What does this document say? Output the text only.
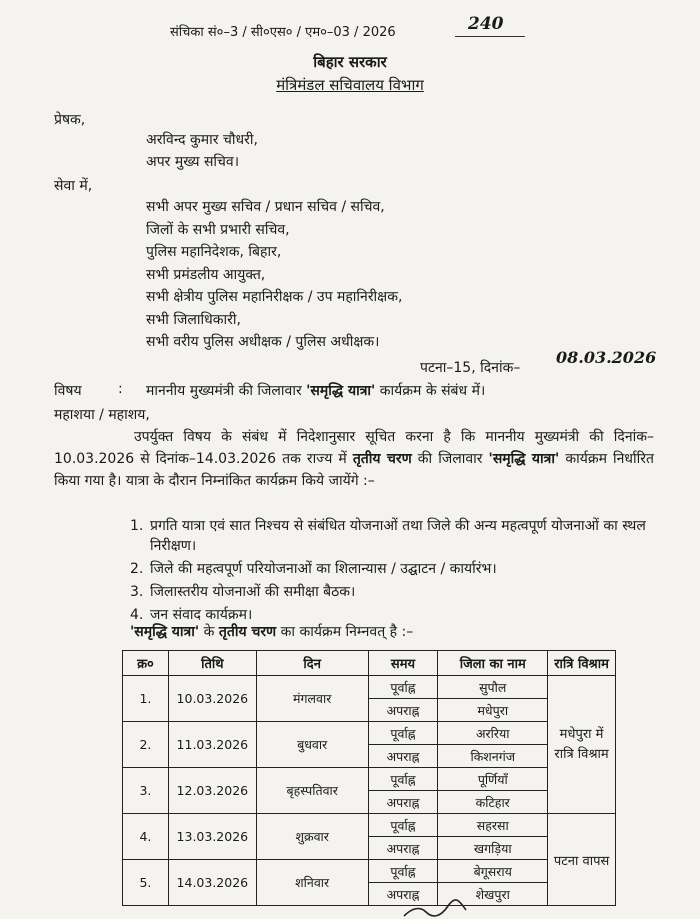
संचिका सं०–3 / सी०एस० / एम०–03 / 2026	240
बिहार सरकार
मंत्रिमंडल सचिवालय विभाग
प्रेषक,
अरविन्द कुमार चौधरी,
अपर मुख्य सचिव।
सेवा में,
सभी अपर मुख्य सचिव / प्रधान सचिव / सचिव,
जिलों के सभी प्रभारी सचिव,
पुलिस महानिदेशक, बिहार,
सभी प्रमंडलीय आयुक्त,
सभी क्षेत्रीय पुलिस महानिरीक्षक / उप महानिरीक्षक,
सभी जिलाधिकारी,
सभी वरीय पुलिस अधीक्षक / पुलिस अधीक्षक।
पटना–15, दिनांक–
08.03.2026
विषय	: माननीय मुख्यमंत्री की जिलावार 'समृद्धि यात्रा' कार्यक्रम के संबंध में।
महाशया / महाशय,
उपर्युक्त विषय के संबंध में निदेशानुसार सूचित करना है कि माननीय मुख्यमंत्री की दिनांक–10.03.2026 से दिनांक–14.03.2026 तक राज्य में तृतीय चरण की जिलावार 'समृद्धि यात्रा' कार्यक्रम निर्धारित किया गया है। यात्रा के दौरान निम्नांकित कार्यक्रम किये जायेंगे :–
1. प्रगति यात्रा एवं सात निश्चय से संबंधित योजनाओं तथा जिले की अन्य महत्वपूर्ण योजनाओं का स्थल निरीक्षण।
2. जिले की महत्वपूर्ण परियोजनाओं का शिलान्यास / उद्घाटन / कार्यारंभ।
3. जिलास्तरीय योजनाओं की समीक्षा बैठक।
4. जन संवाद कार्यक्रम।
'समृद्धि यात्रा' के तृतीय चरण का कार्यक्रम निम्नवत् है :–
क्र०	तिथि	दिन	समय	जिला का नाम	रात्रि विश्राम
1.	10.03.2026	मंगलवार	पूर्वाह्न	सुपौल	मधेपुरा में रात्रि विश्राम
			अपराह्न	मधेपुरा	
2.	11.03.2026	बुधवार	पूर्वाह्न	अररिया	
			अपराह्न	किशनगंज	
3.	12.03.2026	बृहस्पतिवार	पूर्वाह्न	पूर्णियाँ	
			अपराह्न	कटिहार	
4.	13.03.2026	शुक्रवार	पूर्वाह्न	सहरसा	पटना वापस
			अपराह्न	खगड़िया	
5.	14.03.2026	शनिवार	पूर्वाह्न	बेगूसराय	
			अपराह्न	शेखपुरा	
